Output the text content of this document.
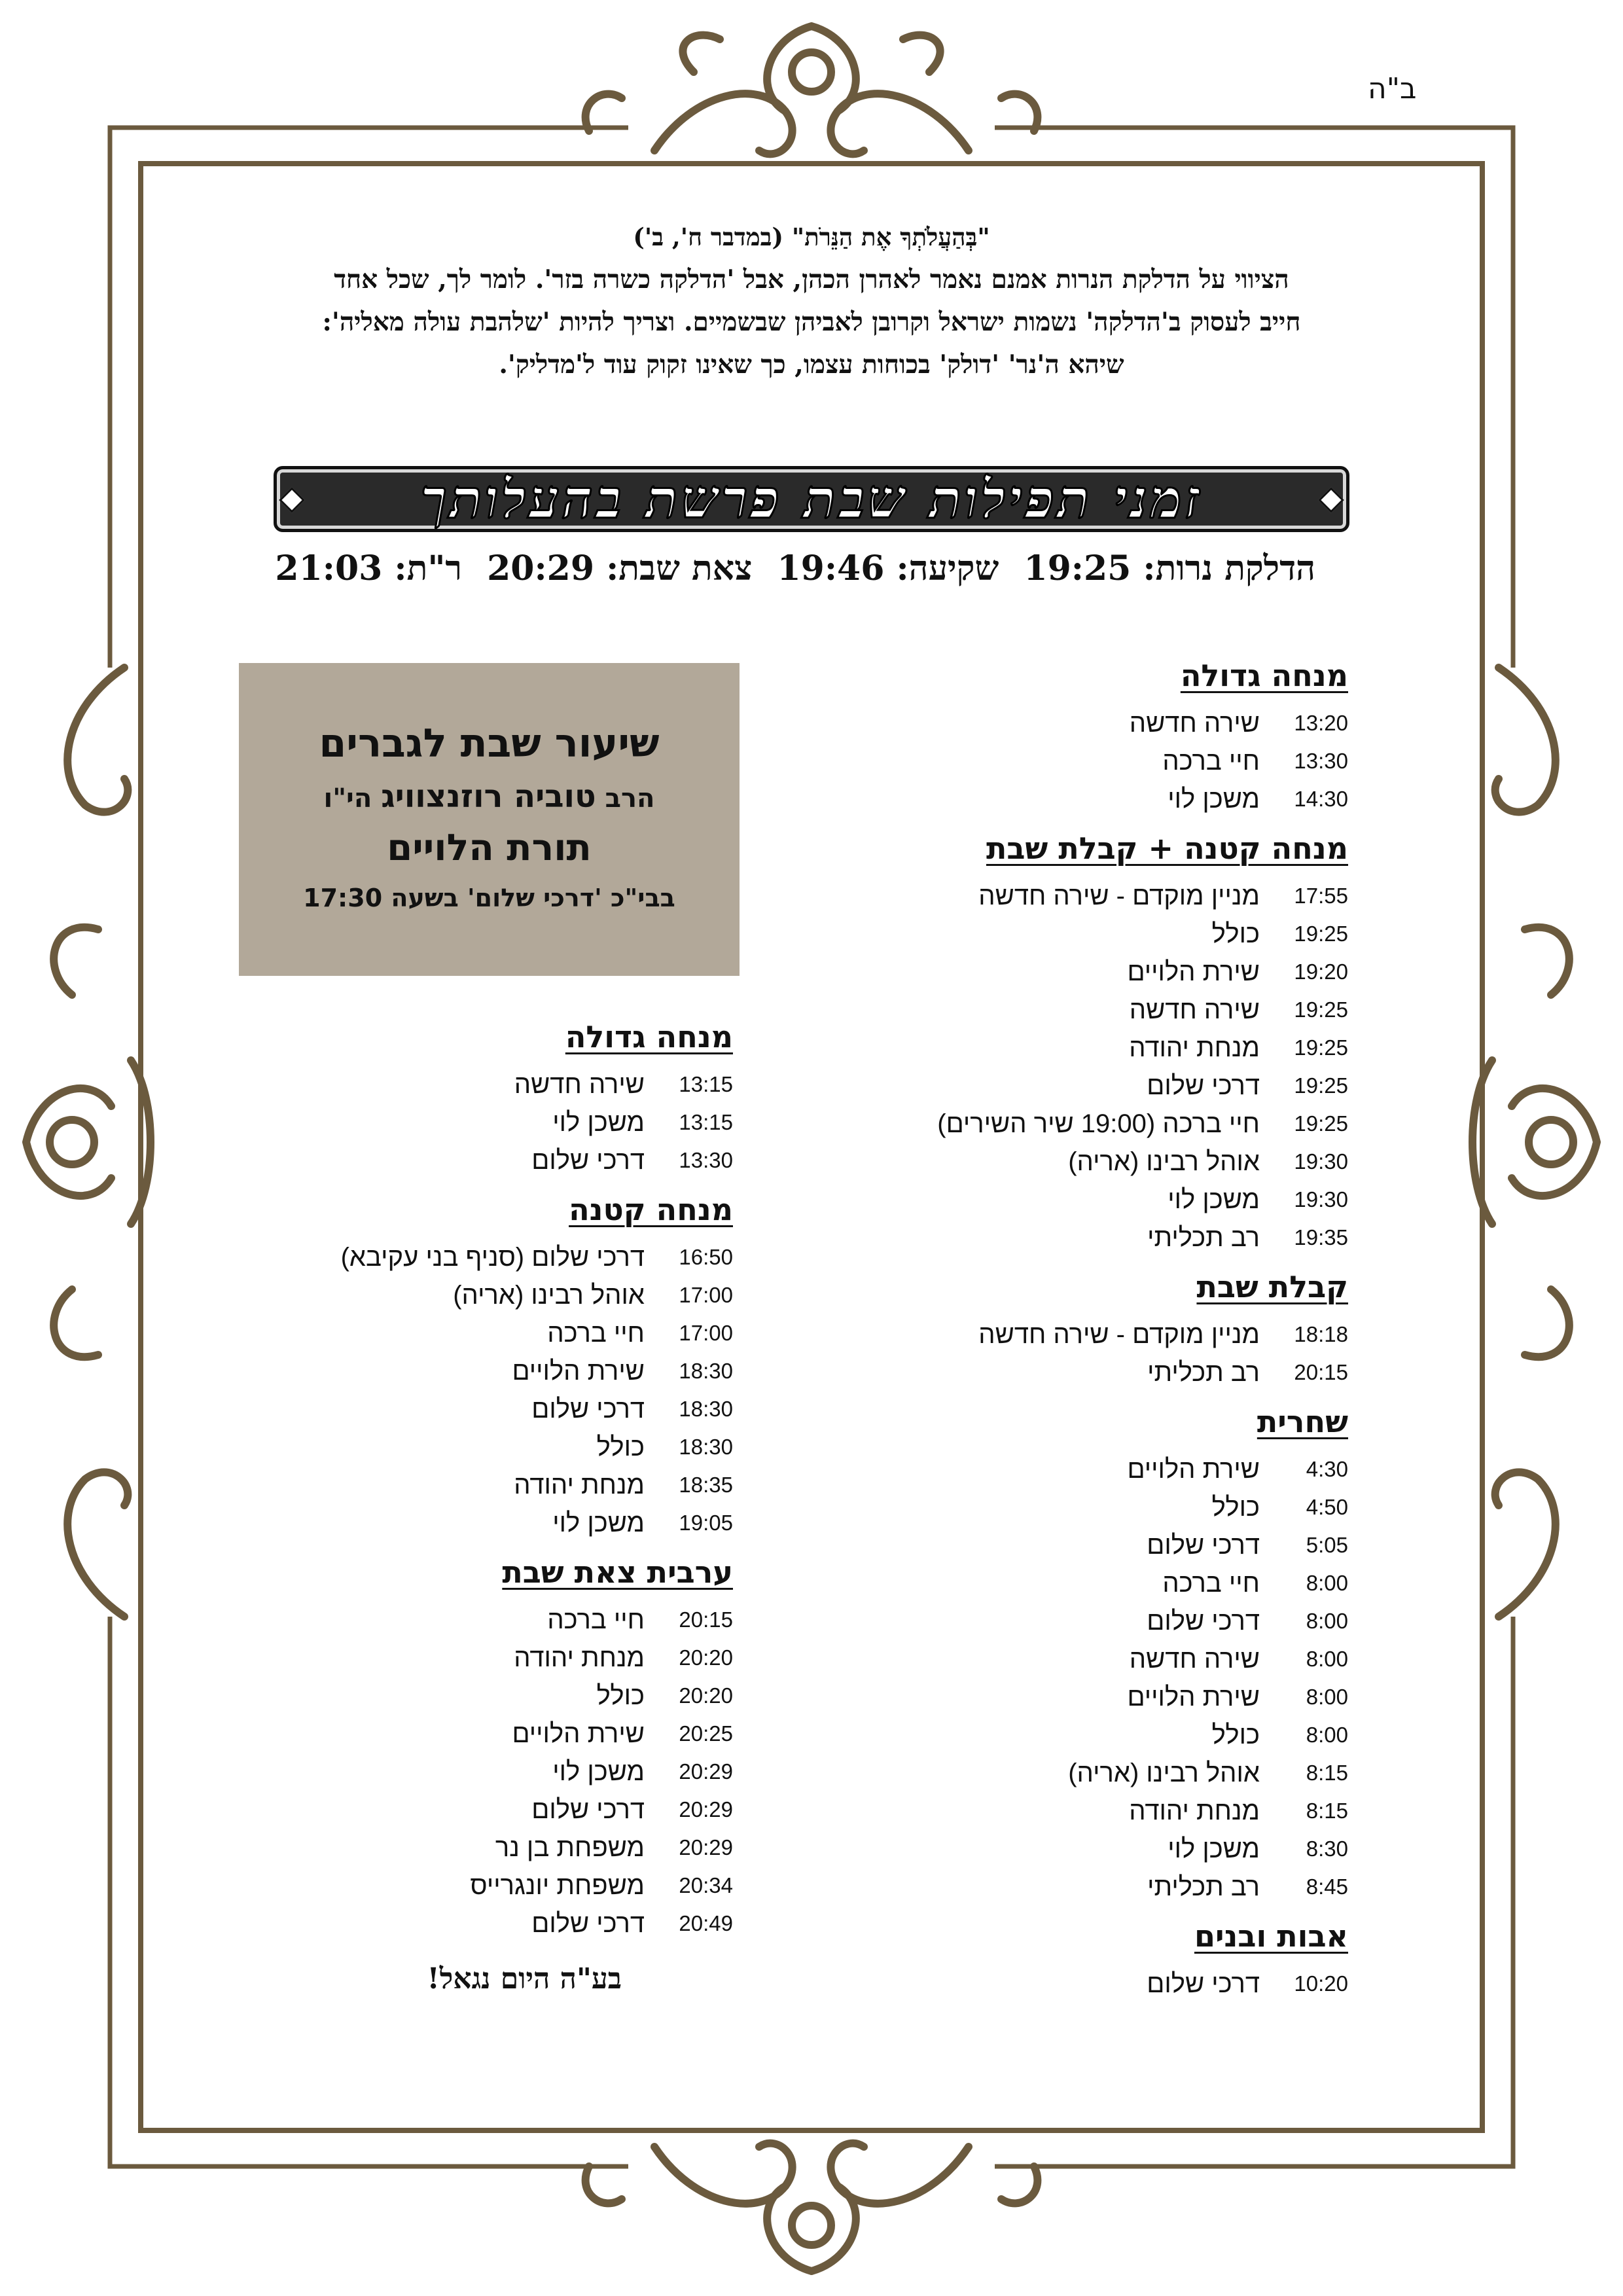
ב"ה
"בְּהַעֲלֹתְךָ אֶת הַנֵּרֹת" (במדבר ח', ב')
הציווי על הדלקת הנרות אמנם נאמר לאהרן הכהן, אבל 'הדלקה כשרה בזר'. לומר לך, שכל אחד
חייב לעסוק ב'הדלקה' נשמות ישראל וקרובן לאביהן שבשמיים. וצריך להיות 'שלהבת עולה מאליה':
שיהא ה'נר' 'דולק' בכוחות עצמו, כך שאינו זקוק עוד ל'מדליק'.
זמני תפילות שבת פרשת בהעלותך
הדלקת נרות: 19:25 שקיעה: 19:46 צאת שבת: 20:29 ר"ת: 21:03
שיעור שבת לגברים
הרב טוביה רוזנצוויג הי"ו
תורת הלויים
בבי"כ 'דרכי שלום' בשעה 17:30
מנחה גדולה
13:20
שירה חדשה
13:30
חיי ברכה
14:30
משכן לוי
מנחה קטנה + קבלת שבת
17:55
מניין מוקדם - שירה חדשה
19:25
כולל
19:20
שירת הלויים
19:25
שירה חדשה
19:25
מנחת יהודה
19:25
דרכי שלום
19:25
חיי ברכה (19:00 שיר השירים)
19:30
אוהל רבינו (אריה)
19:30
משכן לוי
19:35
רב תכליתי
קבלת שבת
18:18
מניין מוקדם - שירה חדשה
20:15
רב תכליתי
שחרית
4:30
שירת הלויים
4:50
כולל
5:05
דרכי שלום
8:00
חיי ברכה
8:00
דרכי שלום
8:00
שירה חדשה
8:00
שירת הלויים
8:00
כולל
8:15
אוהל רבינו (אריה)
8:15
מנחת יהודה
8:30
משכן לוי
8:45
רב תכליתי
אבות ובנים
10:20
דרכי שלום
מנחה גדולה
13:15
שירה חדשה
13:15
משכן לוי
13:30
דרכי שלום
מנחה קטנה
16:50
דרכי שלום (סניף בני עקיבא)
17:00
אוהל רבינו (אריה)
17:00
חיי ברכה
18:30
שירת הלויים
18:30
דרכי שלום
18:30
כולל
18:35
מנחת יהודה
19:05
משכן לוי
ערבית צאת שבת
20:15
חיי ברכה
20:20
מנחת יהודה
20:20
כולל
20:25
שירת הלויים
20:29
משכן לוי
20:29
דרכי שלום
20:29
משפחת בן נר
20:34
משפחת יונגרייס
20:49
דרכי שלום
בע"ה היום נגאל!
